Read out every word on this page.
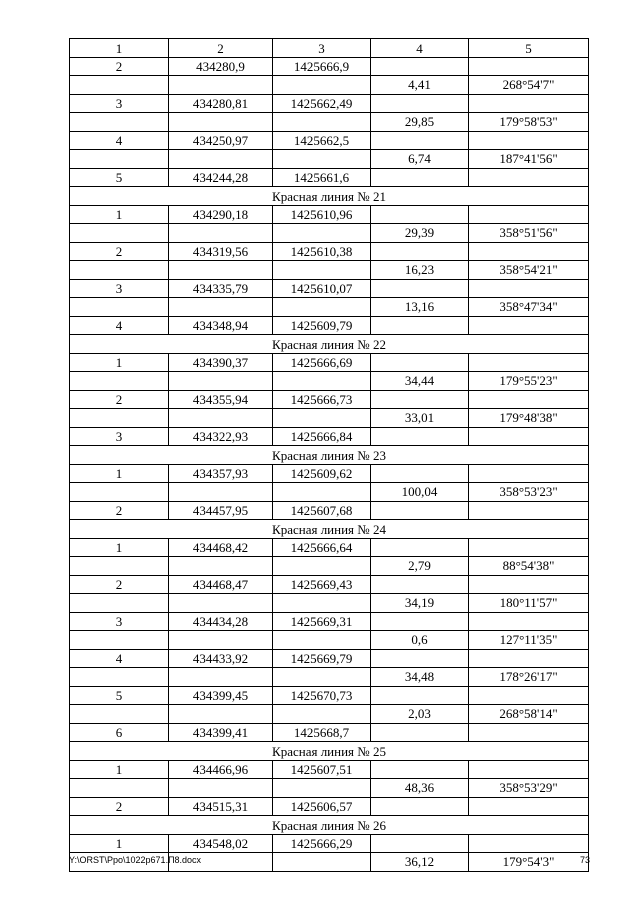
1	2	3	4	5
2	434280,9	1425666,9		
			4,41	268°54'7"
3	434280,81	1425662,49		
			29,85	179°58'53"
4	434250,97	1425662,5		
			6,74	187°41'56"
5	434244,28	1425661,6		
Красная линия № 21				
1	434290,18	1425610,96		
			29,39	358°51'56"
2	434319,56	1425610,38		
			16,23	358°54'21"
3	434335,79	1425610,07		
			13,16	358°47'34"
4	434348,94	1425609,79		
Красная линия № 22				
1	434390,37	1425666,69		
			34,44	179°55'23"
2	434355,94	1425666,73		
			33,01	179°48'38"
3	434322,93	1425666,84		
Красная линия № 23				
1	434357,93	1425609,62		
			100,04	358°53'23"
2	434457,95	1425607,68		
Красная линия № 24				
1	434468,42	1425666,64		
			2,79	88°54'38"
2	434468,47	1425669,43		
			34,19	180°11'57"
3	434434,28	1425669,31		
			0,6	127°11'35"
4	434433,92	1425669,79		
			34,48	178°26'17"
5	434399,45	1425670,73		
			2,03	268°58'14"
6	434399,41	1425668,7		
Красная линия № 25				
1	434466,96	1425607,51		
			48,36	358°53'29"
2	434515,31	1425606,57		
Красная линия № 26				
1	434548,02	1425666,29		
			36,12	179°54'3"
Y:\ORST\Ppo\1022p671.П8.docx	73
